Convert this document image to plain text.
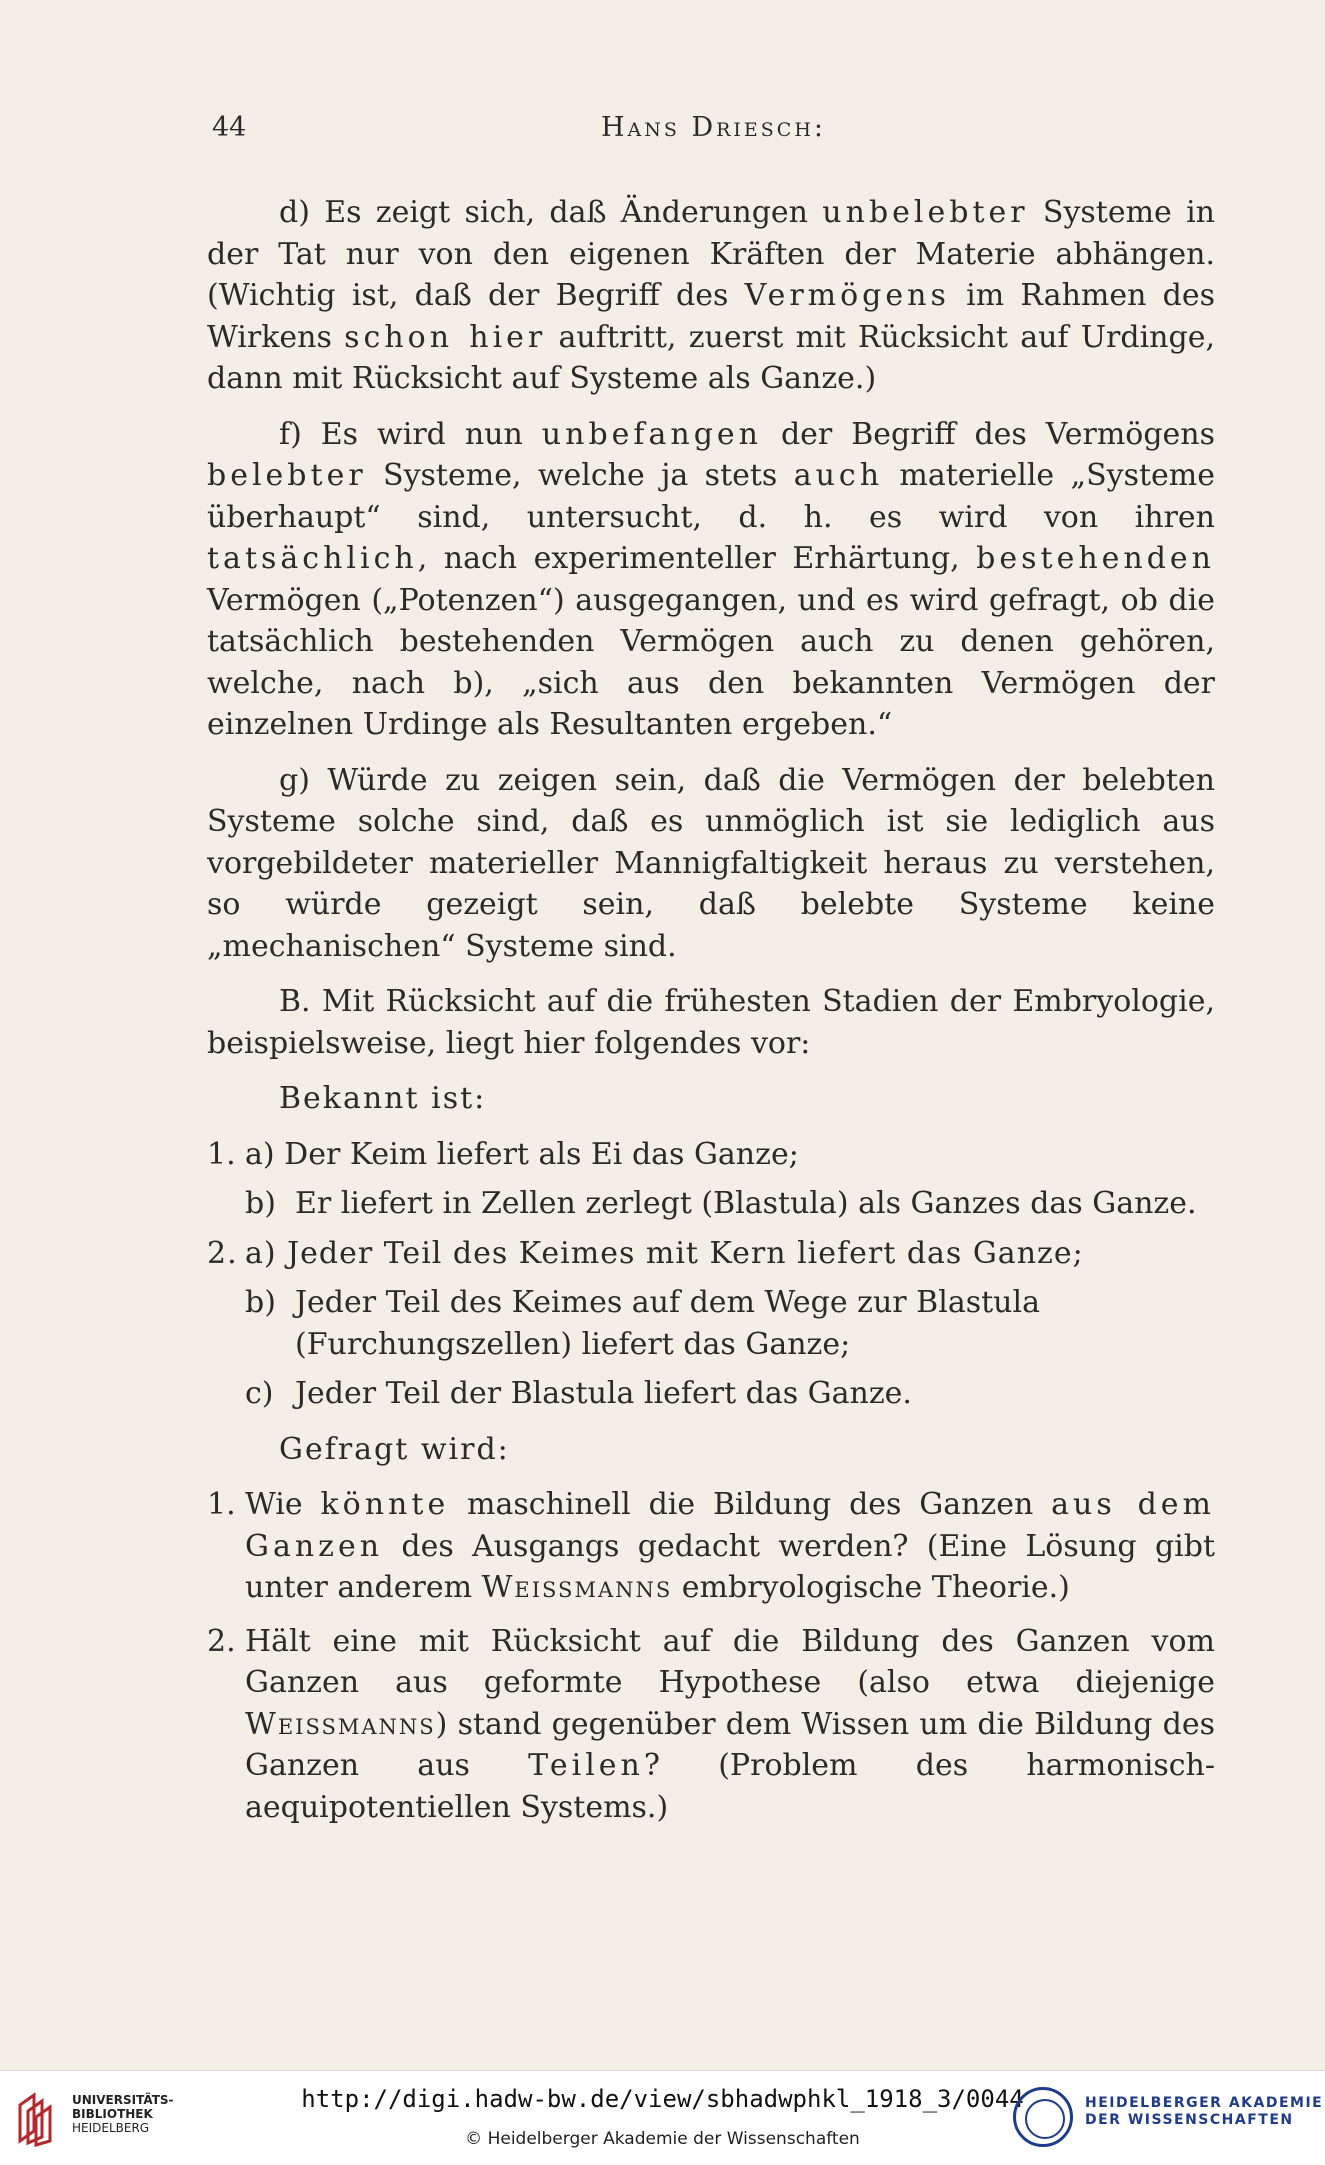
44	Hans Driesch:

d) Es zeigt sich, daß Änderungen unbelebter Systeme in der Tat nur von den eigenen Kräften der Materie abhängen. (Wichtig ist, daß der Begriff des Vermögens im Rahmen des Wirkens schon hier auftritt, zuerst mit Rücksicht auf Urdinge, dann mit Rücksicht auf Systeme als Ganze.)

f) Es wird nun unbefangen der Begriff des Vermögens belebter Systeme, welche ja stets auch materielle „Systeme überhaupt“ sind, untersucht, d. h. es wird von ihren tatsächlich, nach experimenteller Erhärtung, bestehenden Vermögen („Potenzen“) ausgegangen, und es wird gefragt, ob die tatsächlich bestehenden Vermögen auch zu denen gehören, welche, nach b), „sich aus den bekannten Vermögen der einzelnen Urdinge als Resultanten ergeben.“

g) Würde zu zeigen sein, daß die Vermögen der belebten Systeme solche sind, daß es unmöglich ist sie lediglich aus vorgebildeter materieller Mannigfaltigkeit heraus zu verstehen, so würde gezeigt sein, daß belebte Systeme keine „mechanischen“ Systeme sind.

B. Mit Rücksicht auf die frühesten Stadien der Embryologie, beispielsweise, liegt hier folgendes vor:

Bekannt ist:
1. a) Der Keim liefert als Ei das Ganze;
b) Er liefert in Zellen zerlegt (Blastula) als Ganzes das Ganze.
2. a) Jeder Teil des Keimes mit Kern liefert das Ganze;
b) Jeder Teil des Keimes auf dem Wege zur Blastula (Furchungszellen) liefert das Ganze;
c) Jeder Teil der Blastula liefert das Ganze.
Gefragt wird:
1. Wie könnte maschinell die Bildung des Ganzen aus dem Ganzen des Ausgangs gedacht werden? (Eine Lösung gibt unter anderem Weissmanns embryologische Theorie.)
2. Hält eine mit Rücksicht auf die Bildung des Ganzen vom Ganzen aus geformte Hypothese (also etwa diejenige Weissmanns) stand gegenüber dem Wissen um die Bildung des Ganzen aus Teilen? (Problem des harmonisch-aequipotentiellen Systems.)
UNIVERSITÄTS-
BIBLIOTHEK
HEIDELBERG
http://digi.hadw-bw.de/view/sbhadwphkl_1918_3/0044
© Heidelberger Akademie der Wissenschaften
HEIDELBERGER AKADEMIE
DER WISSENSCHAFTEN
